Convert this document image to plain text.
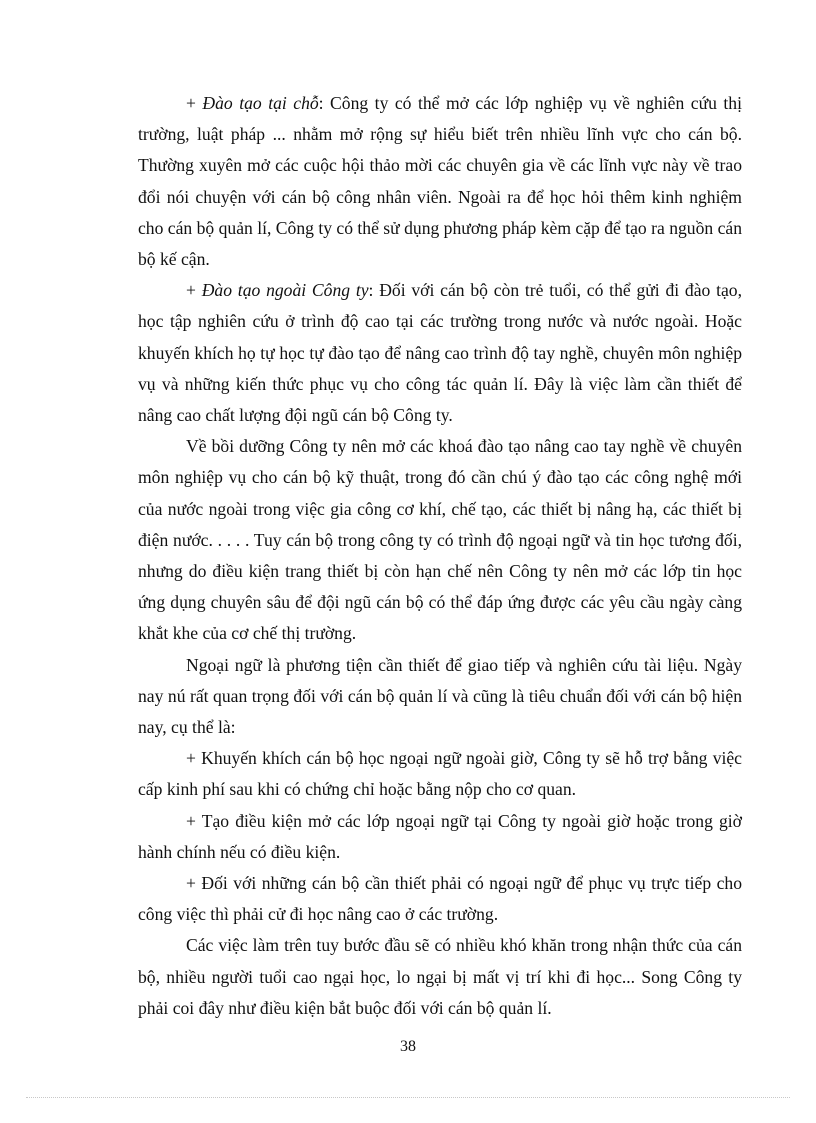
+ Đào tạo tại chỗ: Công ty có thể mở các lớp nghiệp vụ về nghiên cứu thị trường, luật pháp ... nhằm mở rộng sự hiểu biết trên nhiều lĩnh vực cho cán bộ. Thường xuyên mở các cuộc hội thảo mời các chuyên gia về các lĩnh vực này về trao đổi nói chuyện với cán bộ công nhân viên. Ngoài ra để học hỏi thêm kinh nghiệm cho cán bộ quản lí, Công ty có thể sử dụng phương pháp kèm cặp để tạo ra nguồn cán bộ kế cận.

+ Đào tạo ngoài Công ty: Đối với cán bộ còn trẻ tuổi, có thể gửi đi đào tạo, học tập nghiên cứu ở trình độ cao tại các trường trong nước và nước ngoài. Hoặc khuyến khích họ tự học tự đào tạo để nâng cao trình độ tay nghề, chuyên môn nghiệp vụ và những kiến thức phục vụ cho công tác quản lí. Đây là việc làm cần thiết để nâng cao chất lượng đội ngũ cán bộ Công ty.

Về bồi dưỡng Công ty nên mở các khoá đào tạo nâng cao tay nghề về chuyên môn nghiệp vụ cho cán bộ kỹ thuật, trong đó cần chú ý đào tạo các công nghệ mới của nước ngoài trong việc gia công cơ khí, chế tạo, các thiết bị nâng hạ, các thiết bị điện nước. . . . . Tuy cán bộ trong công ty có trình độ ngoại ngữ và tin học tương đối, nhưng do điều kiện trang thiết bị còn hạn chế nên Công ty nên mở các lớp tin học ứng dụng chuyên sâu để đội ngũ cán bộ có thể đáp ứng được các yêu cầu ngày càng khắt khe của cơ chế thị trường.

Ngoại ngữ là phương tiện cần thiết để giao tiếp và nghiên cứu tài liệu. Ngày nay nú rất quan trọng đối với cán bộ quản lí và cũng là tiêu chuẩn đối với cán bộ hiện nay, cụ thể là:

+ Khuyến khích cán bộ học ngoại ngữ ngoài giờ, Công ty sẽ hỗ trợ bằng việc cấp kinh phí sau khi có chứng chỉ hoặc bằng nộp cho cơ quan.

+ Tạo điều kiện mở các lớp ngoại ngữ tại Công ty ngoài giờ hoặc trong giờ hành chính nếu có điều kiện.

+ Đối với những cán bộ cần thiết phải có ngoại ngữ để phục vụ trực tiếp cho công việc thì phải cử đi học nâng cao ở các trường.

Các việc làm trên tuy bước đầu sẽ có nhiều khó khăn trong nhận thức của cán bộ, nhiều người tuổi cao ngại học, lo ngại bị mất vị trí khi đi học... Song Công ty phải coi đây như điều kiện bắt buộc đối với cán bộ quản lí.

38
